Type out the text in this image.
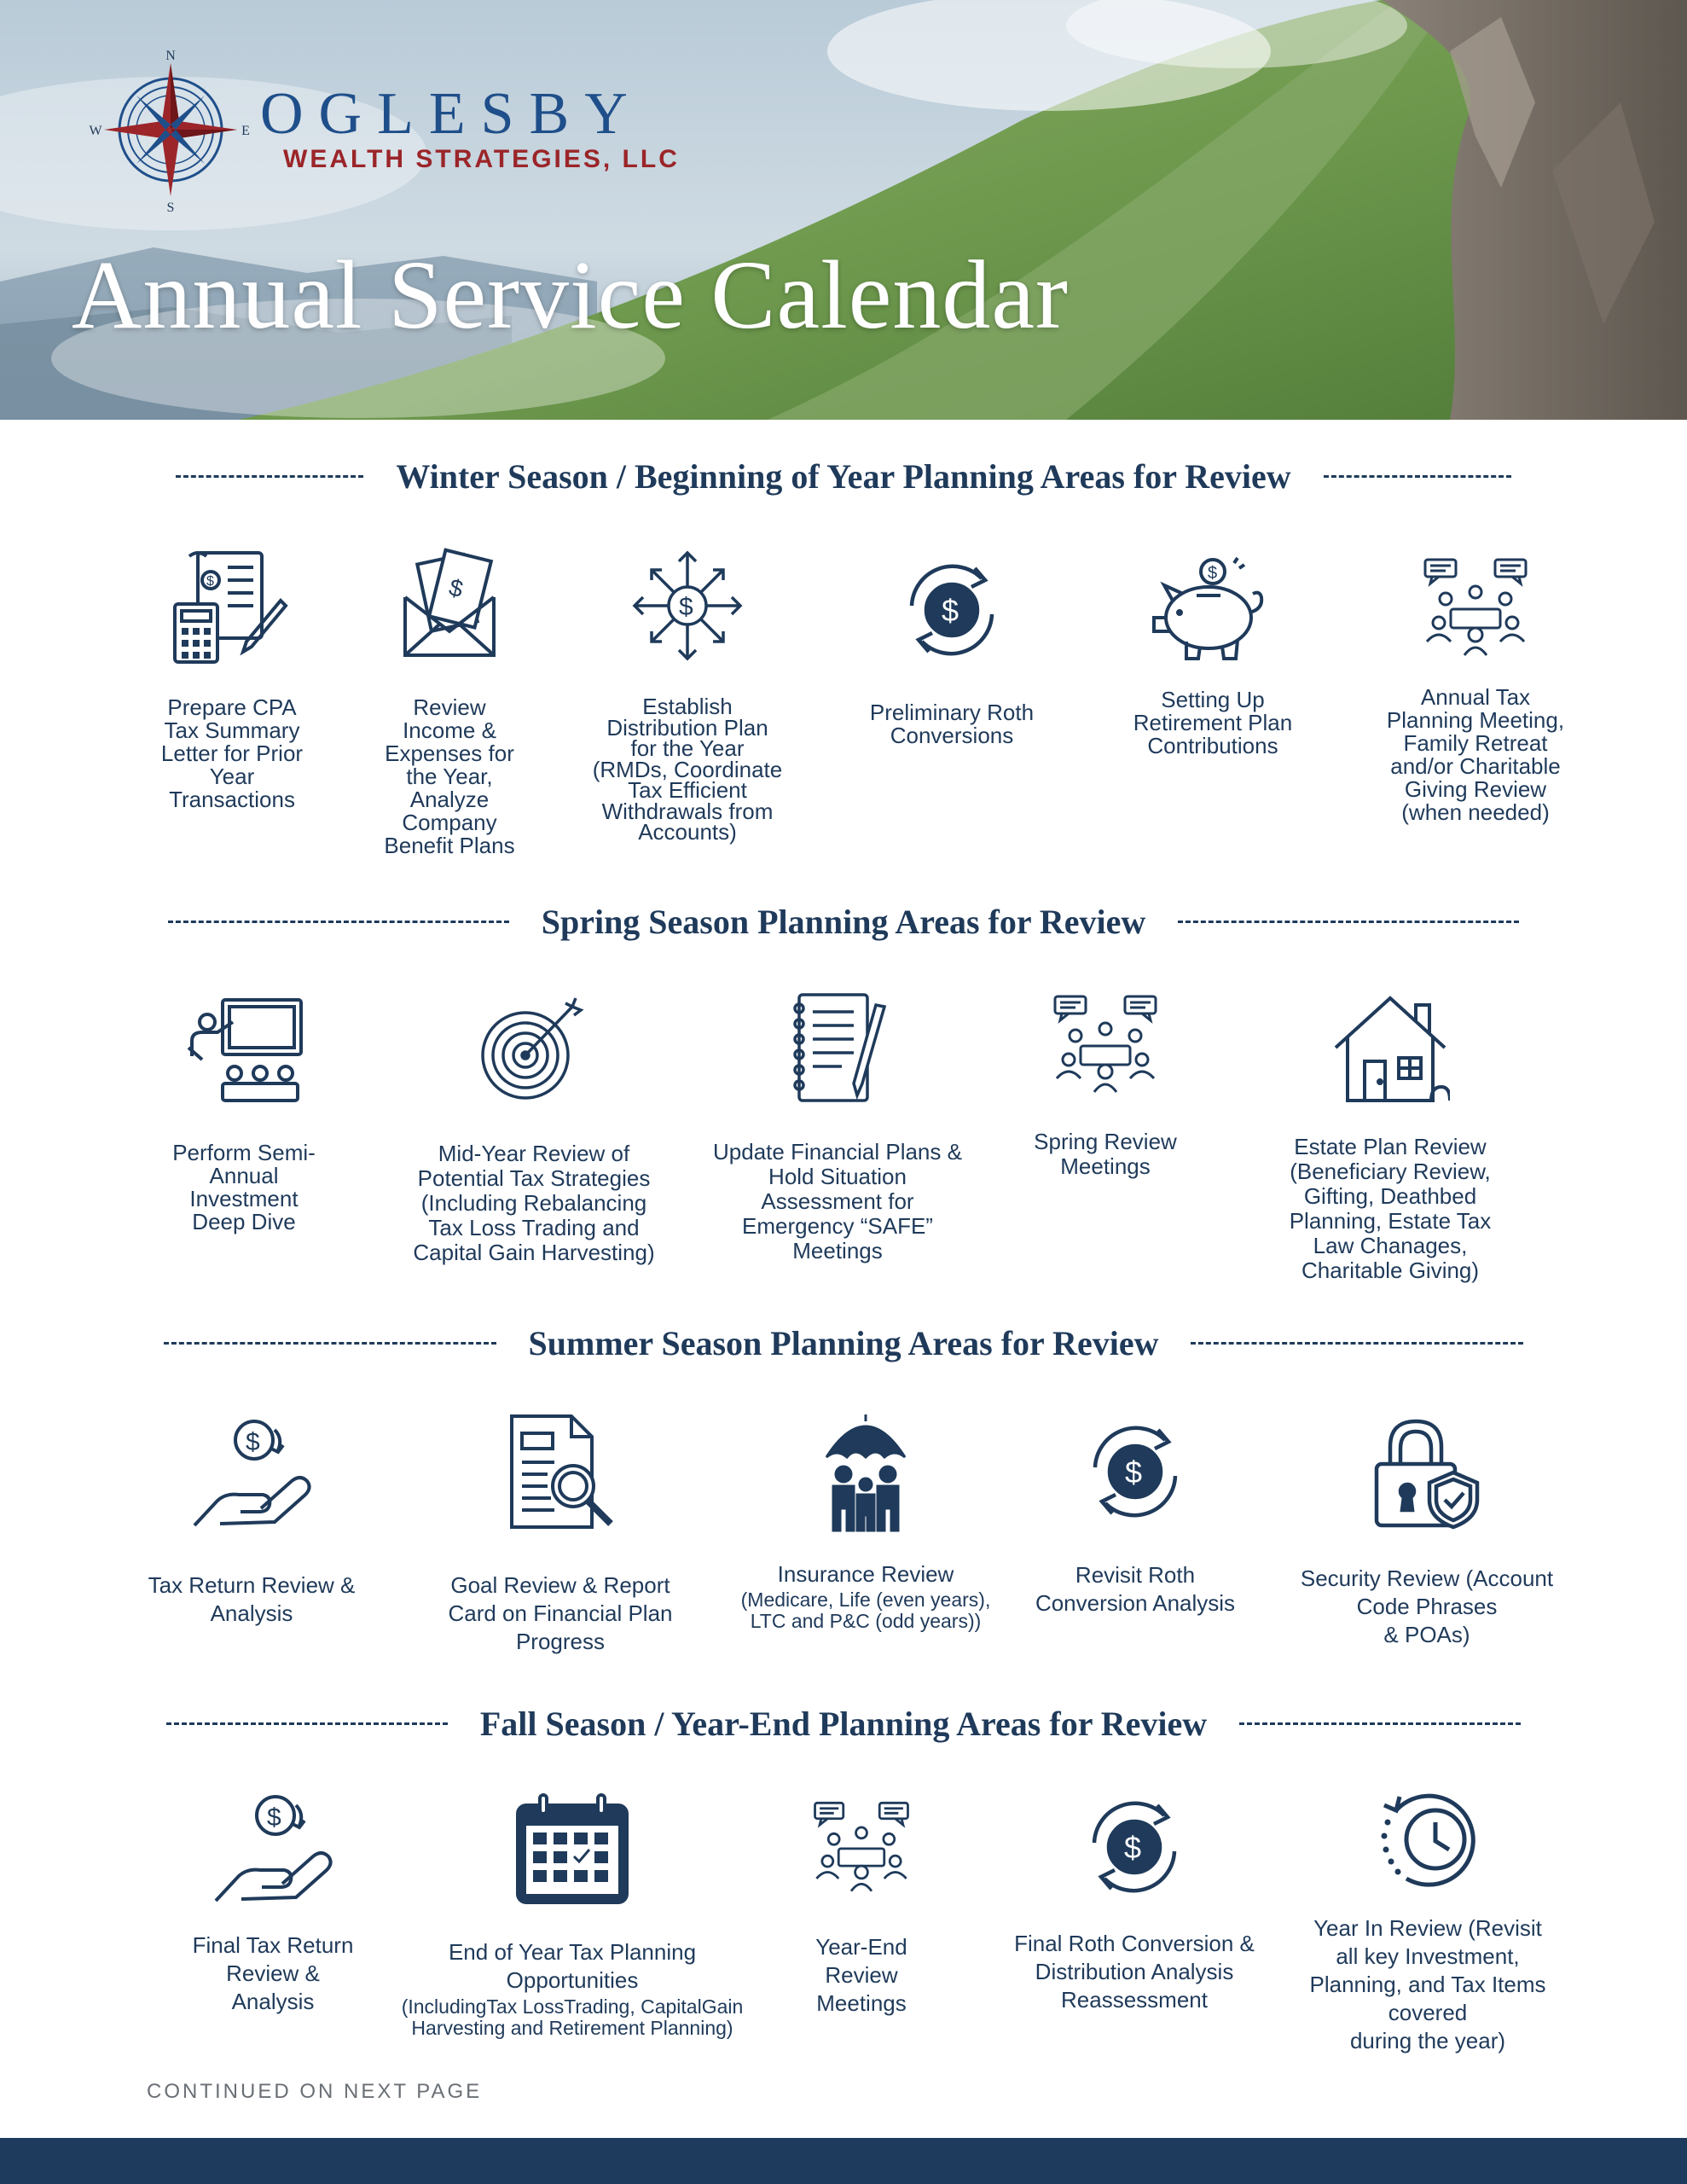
N
S
E
W	OGLESBY
WEALTH STRATEGIES, LLC
Annual Service Calendar
Winter Season / Beginning of Year Planning Areas for Review
$
Prepare CPA
Tax Summary
Letter for Prior
Year
Transactions
$
Review
Income &
Expenses for
the Year,
Analyze
Company
Benefit Plans
$
Establish
Distribution Plan
for the Year
(RMDs, Coordinate
Tax Efficient
Withdrawals from
Accounts)
$
Preliminary Roth
Conversions
$
Setting Up
Retirement Plan
Contributions
Annual Tax
Planning Meeting,
Family Retreat
and/or Charitable
Giving Review
(when needed)
Spring Season Planning Areas for Review
Perform Semi-
Annual
Investment
Deep Dive
Mid-Year Review of
Potential Tax Strategies
(Including Rebalancing
Tax Loss Trading and
Capital Gain Harvesting)
Update Financial Plans &
Hold Situation
Assessment for
Emergency “SAFE”
Meetings
Spring Review
Meetings
Estate Plan Review
(Beneficiary Review,
Gifting, Deathbed
Planning, Estate Tax
Law Chanages,
Charitable Giving)
Summer Season Planning Areas for Review
$
Tax Return Review &
Analysis
Goal Review & Report
Card on Financial Plan
Progress
Insurance Review
(Medicare, Life (even years),
LTC and P&C (odd years))
$
Revisit Roth
Conversion Analysis
Security Review (Account
Code Phrases
& POAs)
Fall Season / Year-End Planning Areas for Review
$
Final Tax Return
Review &
Analysis
End of Year Tax Planning
Opportunities
(IncludingTax LossTrading, CapitalGain
Harvesting and Retirement Planning)
Year-End
Review
Meetings
$
Final Roth Conversion &
Distribution Analysis
Reassessment
Year In Review (Revisit
all key Investment,
Planning, and Tax Items
covered
during the year)
CONTINUED ON NEXT PAGE
